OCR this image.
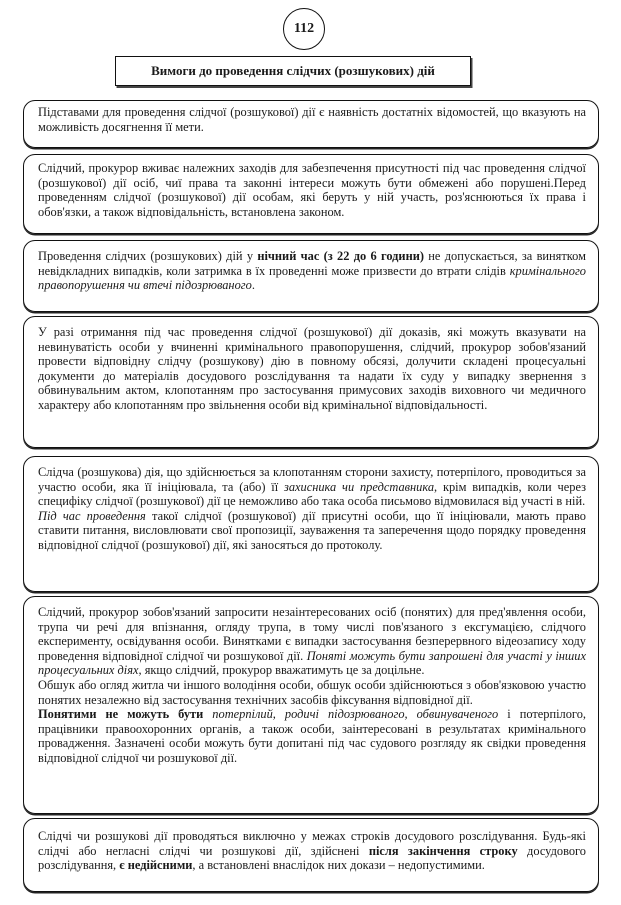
112
Вимоги до проведення слідчих (розшукових) дій

Підставами для проведення слідчої (розшукової) дії є наявність достатніх відомостей, що вказують на можливість досягнення її мети.

Слідчий, прокурор вживає належних заходів для забезпечення присутності під час проведення слідчої (розшукової) дії осіб, чиї права та законні інтереси можуть бути обмежені або порушені.Перед проведенням слідчої (розшукової) дії особам, які беруть у ній участь, роз'яснюються їх права і обов'язки, а також відповідальність, встановлена законом.

Проведення слідчих (розшукових) дій у нічний час (з 22 до 6 години) не допускається, за винятком невідкладних випадків, коли затримка в їх проведенні може призвести до втрати слідів кримінального правопорушення чи втечі підозрюваного.

У разі отримання під час проведення слідчої (розшукової) дії доказів, які можуть вказувати на невинуватість особи у вчиненні кримінального правопорушення, слідчий, прокурор зобов'язаний провести відповідну слідчу (розшукову) дію в повному обсязі, долучити складені процесуальні документи до матеріалів досудового розслідування та надати їх суду у випадку звернення з обвинувальним актом, клопотанням про застосування примусових заходів виховного чи медичного характеру або клопотанням про звільнення особи від кримінальної відповідальності.

Слідча (розшукова) дія, що здійснюється за клопотанням сторони захисту, потерпілого, проводиться за участю особи, яка її ініціювала, та (або) її захисника чи представника, крім випадків, коли через специфіку слідчої (розшукової) дії це неможливо або така особа письмово відмовилася від участі в ній.

Під час проведення такої слідчої (розшукової) дії присутні особи, що її ініціювали, мають право ставити питання, висловлювати свої пропозиції, зауваження та заперечення щодо порядку проведення відповідної слідчої (розшукової) дії, які заносяться до протоколу.

Слідчий, прокурор зобов'язаний запросити незаінтересованих осіб (понятих) для пред'явлення особи, трупа чи речі для впізнання, огляду трупа, в тому числі пов'язаного з ексгумацією, слідчого експерименту, освідування особи. Винятками є випадки застосування безперервного відеозапису ходу проведення відповідної слідчої чи розшукової дії. Поняті можуть бути запрошені для участі у інших процесуальних діях, якщо слідчий, прокурор вважатимуть це за доцільне.

Обшук або огляд житла чи іншого володіння особи, обшук особи здійснюються з обов'язковою участю понятих незалежно від застосування технічних засобів фіксування відповідної дії.

Понятими не можуть бути потерпілий, родичі підозрюваного, обвинуваченого і потерпілого, працівники правоохоронних органів, а також особи, заінтересовані в результатах кримінального провадження. Зазначені особи можуть бути допитані під час судового розгляду як свідки проведення відповідної слідчої чи розшукової дії.

Слідчі чи розшукові дії проводяться виключно у межах строків досудового розслідування. Будь-які слідчі або негласні слідчі чи розшукові дії, здійснені після закінчення строку досудового розслідування, є недійсними, а встановлені внаслідок них докази – недопустимими.
